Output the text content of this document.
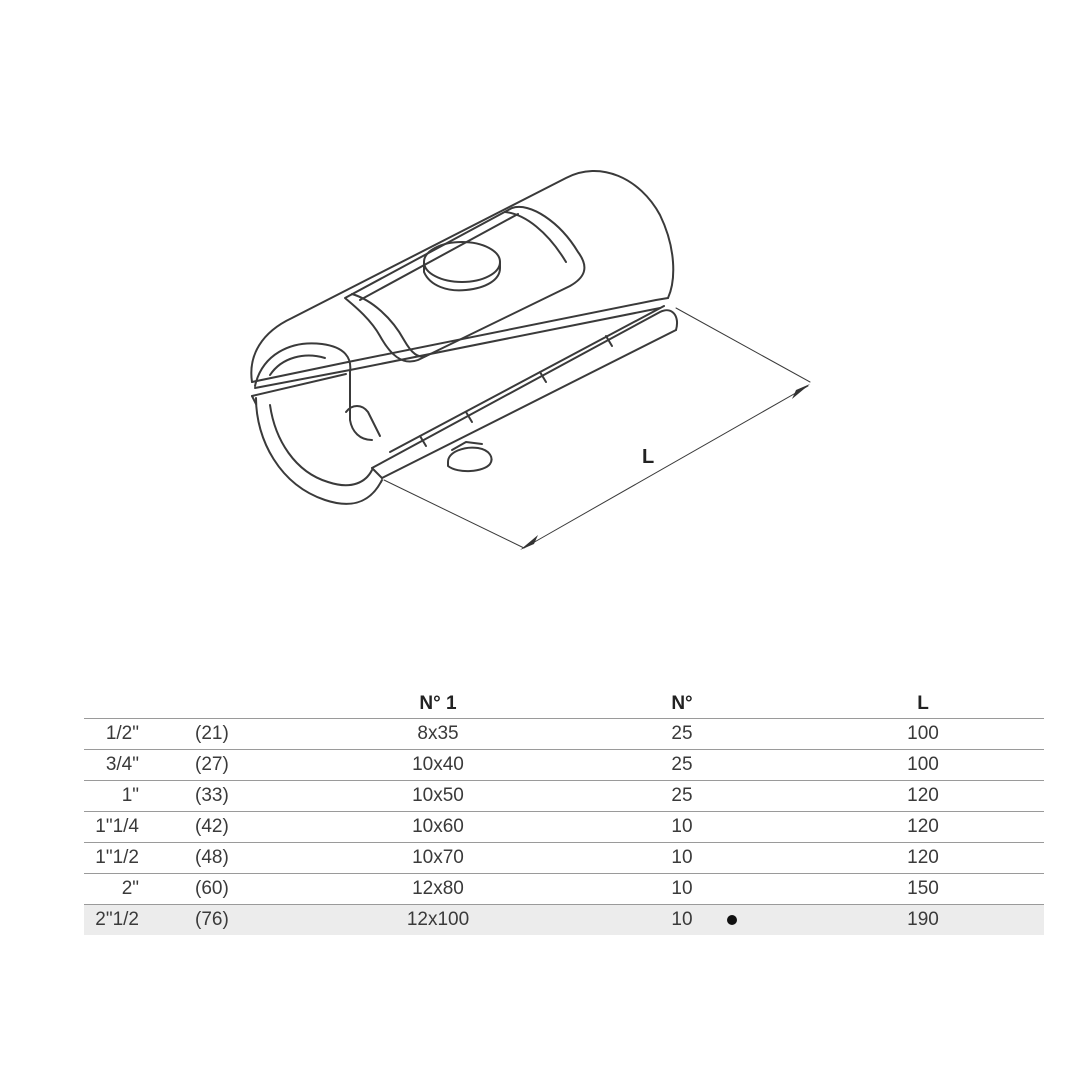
L
		N° 1	N°	L
1/2"	(21)	8x35	25	100
3/4"	(27)	10x40	25	100
1"	(33)	10x50	25	120
1"1/4	(42)	10x60	10	120
1"1/2	(48)	10x70	10	120
2"	(60)	12x80	10	150
2"1/2	(76)	12x100	10	190
